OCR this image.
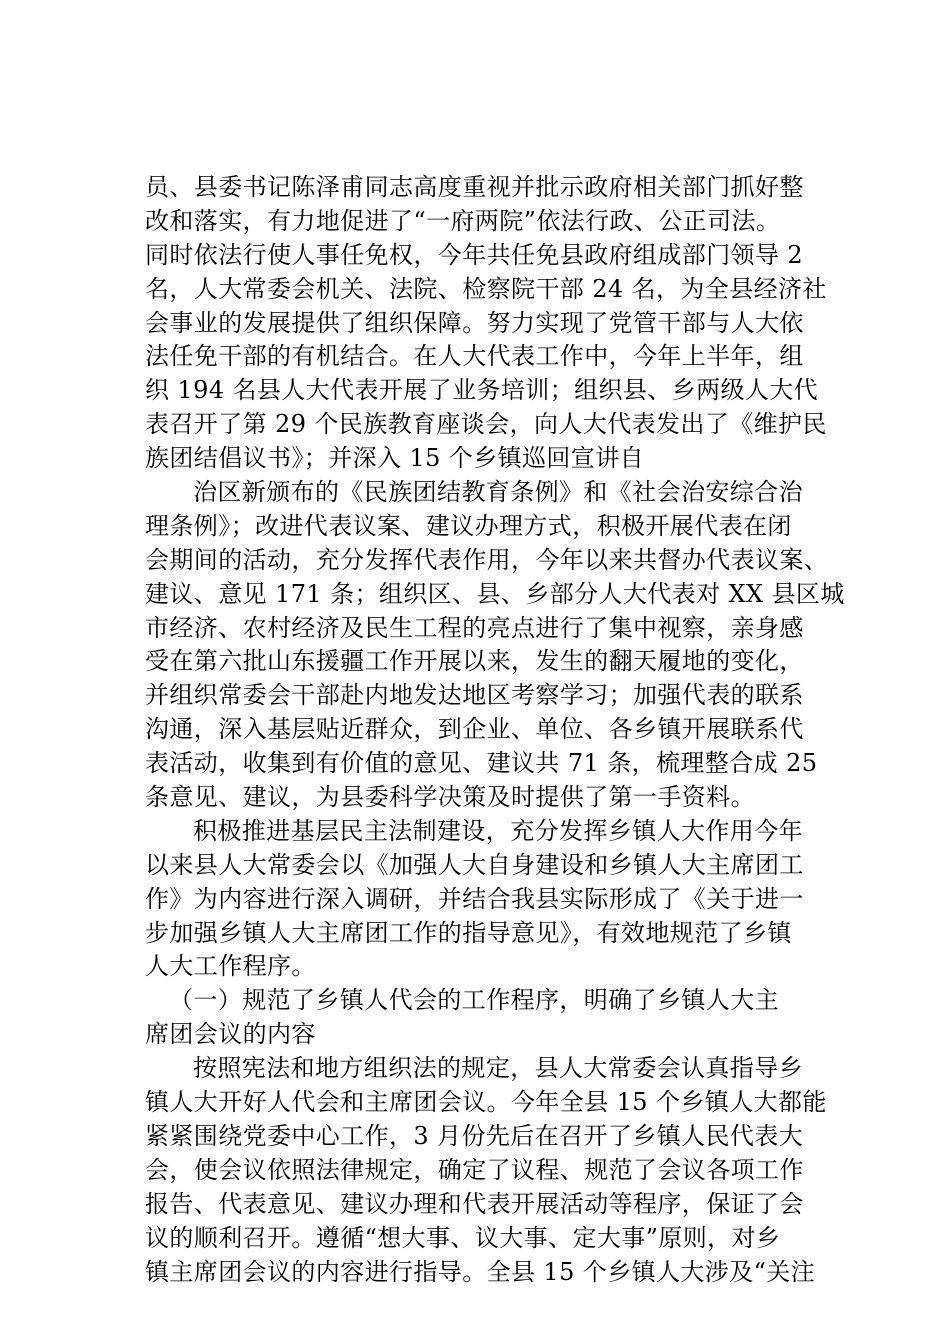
员、县委书记陈泽甫同志高度重视并批示政府相关部门抓好整
改和落实，有力地促进了“一府两院”依法行政、公正司法。
同时依法行使人事任免权，今年共任免县政府组成部门领导 2
名，人大常委会机关、法院、检察院干部 24 名，为全县经济社
会事业的发展提供了组织保障。努力实现了党管干部与人大依
法任免干部的有机结合。在人大代表工作中，今年上半年，组
织 194 名县人大代表开展了业务培训；组织县、乡两级人大代
表召开了第 29 个民族教育座谈会，向人大代表发出了《维护民
族团结倡议书》；并深入 15 个乡镇巡回宣讲自
治区新颁布的《民族团结教育条例》和《社会治安综合治
理条例》；改进代表议案、建议办理方式，积极开展代表在闭
会期间的活动，充分发挥代表作用，今年以来共督办代表议案、
建议、意见 171 条；组织区、县、乡部分人大代表对 XX 县区城
市经济、农村经济及民生工程的亮点进行了集中视察，亲身感
受在第六批山东援疆工作开展以来，发生的翻天履地的变化，
并组织常委会干部赴内地发达地区考察学习；加强代表的联系
沟通，深入基层贴近群众，到企业、单位、各乡镇开展联系代
表活动，收集到有价值的意见、建议共 71 条，梳理整合成 25
条意见、建议，为县委科学决策及时提供了第一手资料。
积极推进基层民主法制建设，充分发挥乡镇人大作用今年
以来县人大常委会以《加强人大自身建设和乡镇人大主席团工
作》为内容进行深入调研，并结合我县实际形成了《关于进一
步加强乡镇人大主席团工作的指导意见》，有效地规范了乡镇
人大工作程序。
（一）规范了乡镇人代会的工作程序，明确了乡镇人大主
席团会议的内容
按照宪法和地方组织法的规定，县人大常委会认真指导乡
镇人大开好人代会和主席团会议。今年全县 15 个乡镇人大都能
紧紧围绕党委中心工作，3 月份先后在召开了乡镇人民代表大
会，使会议依照法律规定，确定了议程、规范了会议各项工作
报告、代表意见、建议办理和代表开展活动等程序，保证了会
议的顺利召开。遵循“想大事、议大事、定大事”原则，对乡
镇主席团会议的内容进行指导。全县 15 个乡镇人大涉及“关注
